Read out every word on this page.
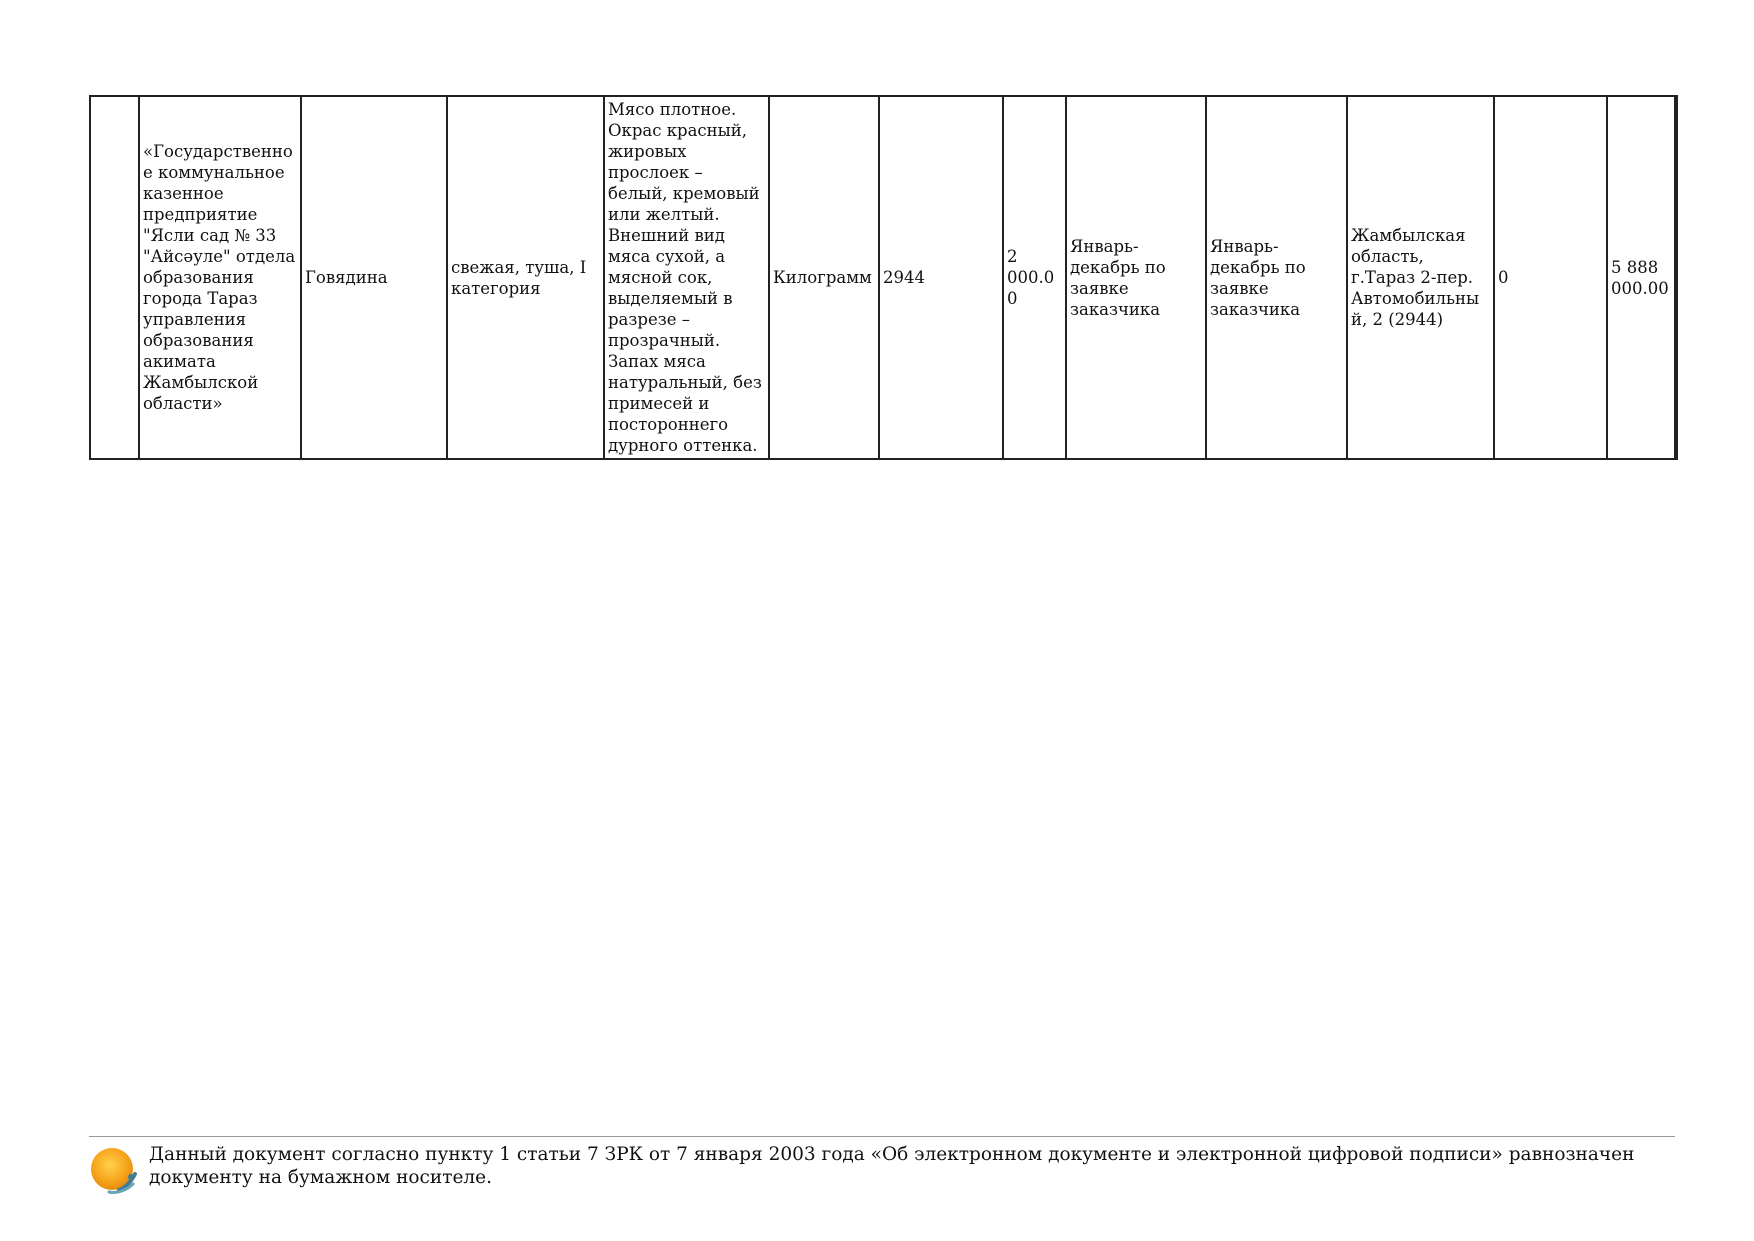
	«Государственное коммунальное казенное предприятие "Ясли сад № 33 "Айсәуле" отдела образования города Тараз управления образования акимата Жамбылской области»	Говядина	свежая, туша, I категория	Мясо плотное. Окрас красный, жировых прослоек – белый, кремовый или желтый. Внешний вид мяса сухой, а мясной сок, выделяемый в разрезе – прозрачный. Запах мяса натуральный, без примесей и постороннего дурного оттенка.	Килограмм	2944	2 000.00	Январь-декабрь по заявке заказчика	Январь-декабрь по заявке заказчика	Жамбылская область, г.Тараз 2-пер. Автомобильный, 2 (2944)	0	5 888 000.00
Данный документ согласно пункту 1 статьи 7 ЗРК от 7 января 2003 года «Об электронном документе и электронной цифровой подписи» равнозначен документу на бумажном носителе.
